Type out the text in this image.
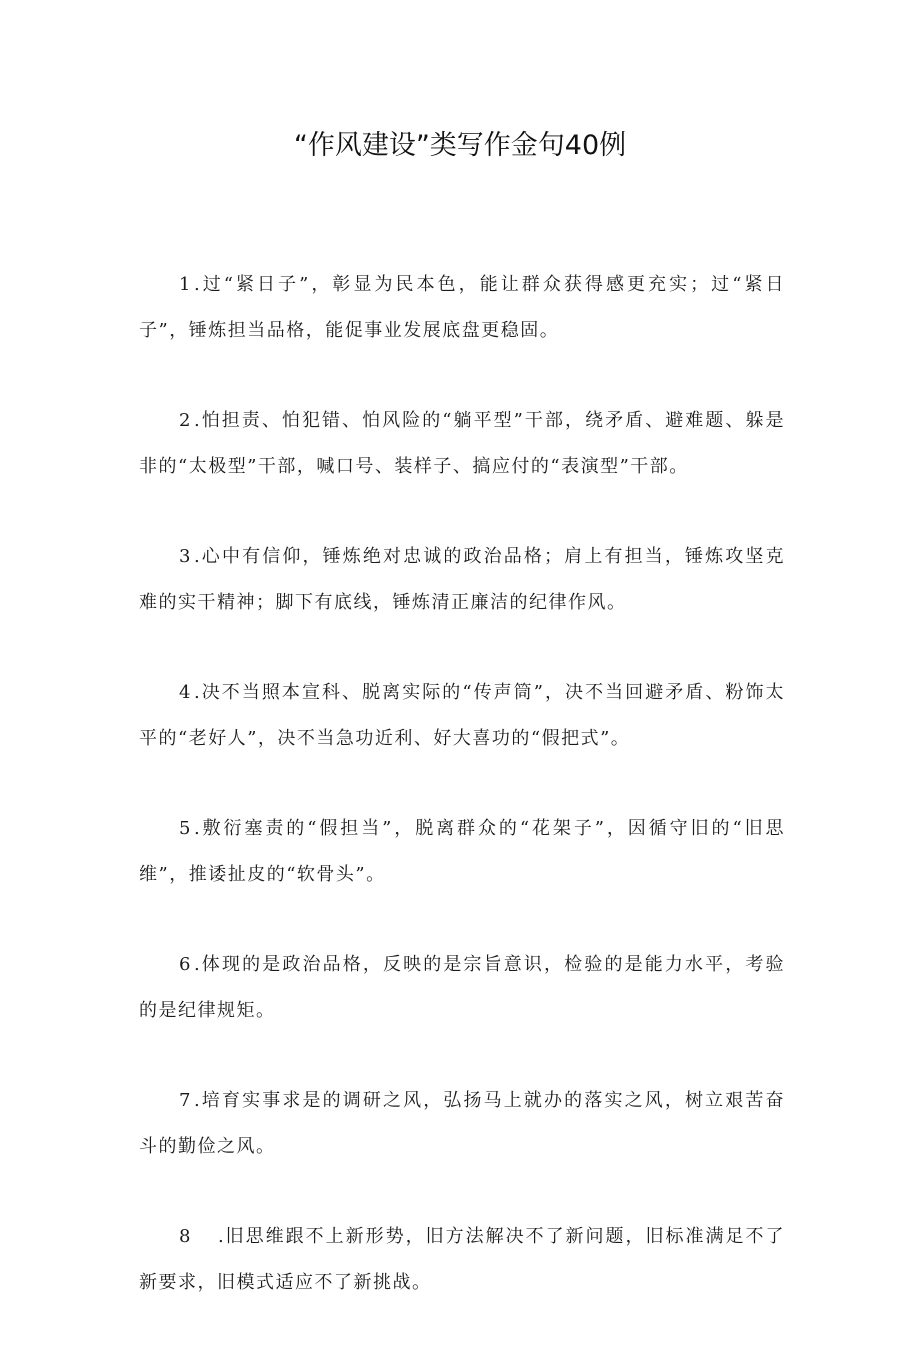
“作风建设”类写作金句40例

1 .过“紧日子”，彰显为民本色，能让群众获得感更充实；过“紧日子”，锤炼担当品格，能促事业发展底盘更稳固。

2 .怕担责、怕犯错、怕风险的“躺平型”干部，绕矛盾、避难题、躲是非的“太极型”干部，喊口号、装样子、搞应付的“表演型”干部。

3 .心中有信仰，锤炼绝对忠诚的政治品格；肩上有担当，锤炼攻坚克难的实干精神；脚下有底线，锤炼清正廉洁的纪律作风。

4 .决不当照本宣科、脱离实际的“传声筒”，决不当回避矛盾、粉饰太平的“老好人”，决不当急功近利、好大喜功的“假把式”。

5 .敷衍塞责的“假担当”，脱离群众的“花架子”，因循守旧的“旧思维”，推诿扯皮的“软骨头”。

6 .体现的是政治品格，反映的是宗旨意识，检验的是能力水平，考验的是纪律规矩。

7 .培育实事求是的调研之风，弘扬马上就办的落实之风，树立艰苦奋斗的勤俭之风。

8 .旧思维跟不上新形势，旧方法解决不了新问题，旧标准满足不了新要求，旧模式适应不了新挑战。
